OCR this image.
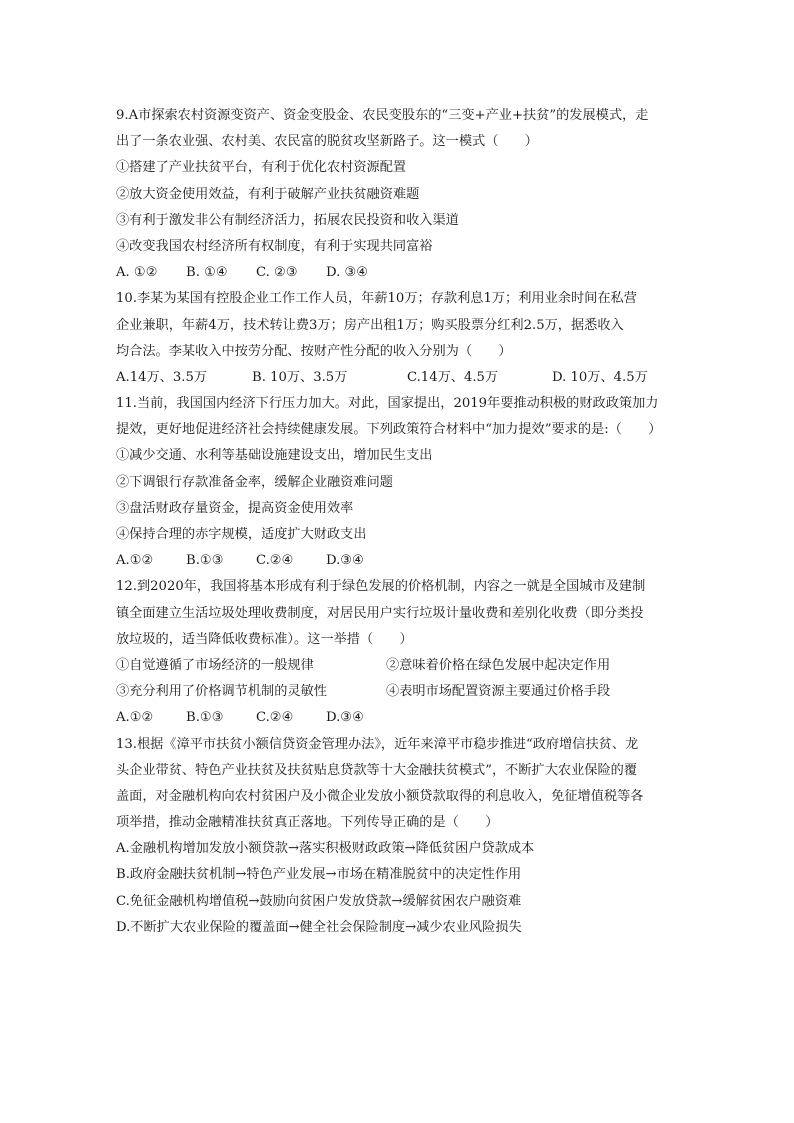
9.A市探索农村资源变资产、资金变股金、农民变股东的“三变+产业+扶贫”的发展模式，走
出了一条农业强、农村美、农民富的脱贫攻坚新路子。这一模式（　　）
①搭建了产业扶贫平台，有利于优化农村资源配置
②放大资金使用效益，有利于破解产业扶贫融资难题
③有利于激发非公有制经济活力，拓展农民投资和收入渠道
④改变我国农村经济所有权制度，有利于实现共同富裕
A. ①②	B. ①④	C. ②③	D. ③④
10.李某为某国有控股企业工作工作人员，年薪10万；存款利息1万；利用业余时间在私营
企业兼职，年薪4万，技术转让费3万；房产出租1万；购买股票分红利2.5万，据悉收入
均合法。李某收入中按劳分配、按财产性分配的收入分别为（　　）
A.14万、3.5万	B. 10万、3.5万	C.14万、4.5万	D. 10万、4.5万
11.当前，我国国内经济下行压力加大。对此，国家提出，2019年要推动积极的财政政策加力
提效，更好地促进经济社会持续健康发展。下列政策符合材料中“加力提效”要求的是:（　　）
①减少交通、水利等基础设施建设支出，增加民生支出
②下调银行存款准备金率，缓解企业融资难问题
③盘活财政存量资金，提高资金使用效率
④保持合理的赤字规模，适度扩大财政支出
A.①②	B.①③	C.②④	D.③④
12.到2020年，我国将基本形成有利于绿色发展的价格机制，内容之一就是全国城市及建制
镇全面建立生活垃圾处理收费制度，对居民用户实行垃圾计量收费和差别化收费（即分类投
放垃圾的，适当降低收费标准）。这一举措（　　）
①自觉遵循了市场经济的一般规律	②意味着价格在绿色发展中起决定作用
③充分利用了价格调节机制的灵敏性	④表明市场配置资源主要通过价格手段
A.①②	B.①③	C.②④	D.③④
13.根据《漳平市扶贫小额信贷资金管理办法》，近年来漳平市稳步推进“政府增信扶贫、龙
头企业带贫、特色产业扶贫及扶贫贴息贷款等十大金融扶贫模式”，不断扩大农业保险的覆
盖面，对金融机构向农村贫困户及小微企业发放小额贷款取得的利息收入，免征增值税等各
项举措，推动金融精准扶贫真正落地。下列传导正确的是（　　）
A.金融机构增加发放小额贷款→落实积极财政政策→降低贫困户贷款成本
B.政府金融扶贫机制→特色产业发展→市场在精准脱贫中的决定性作用
C.免征金融机构增值税→鼓励向贫困户发放贷款→缓解贫困农户融资难
D.不断扩大农业保险的覆盖面→健全社会保险制度→减少农业风险损失
